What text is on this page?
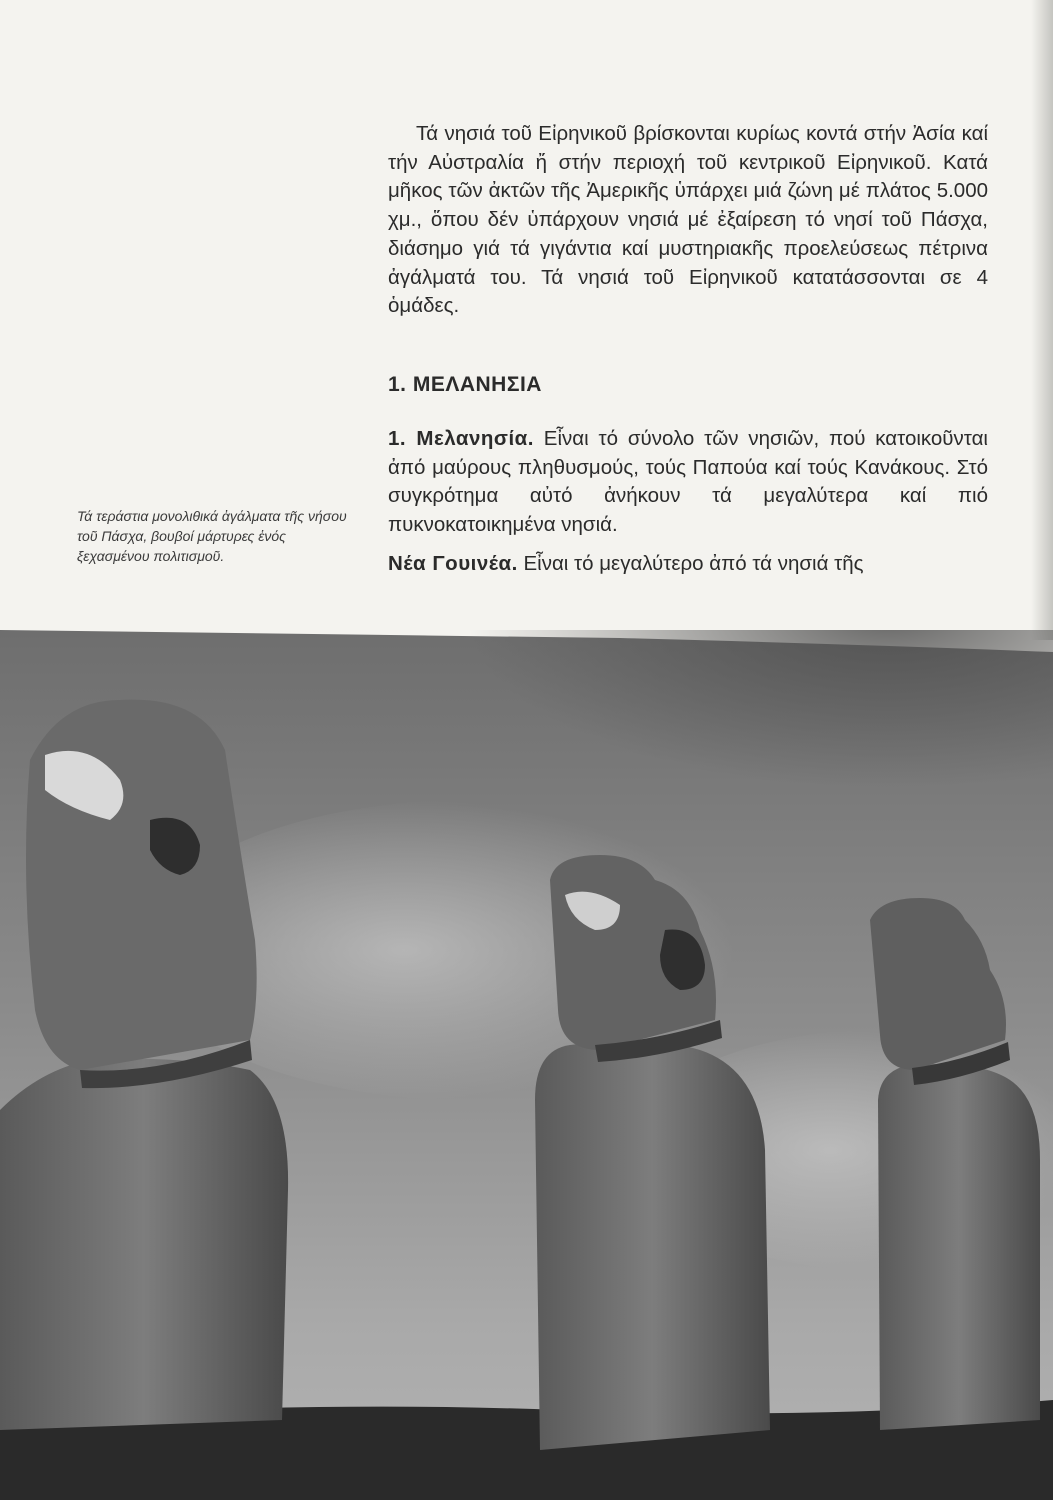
Τά νησιά τοῦ Εἰρηνικοῦ βρίσκονται κυρίως κοντά στήν Ἀσία καί τήν Αὐστραλία ἤ στήν περιοχή τοῦ κεντρικοῦ Εἰρηνικοῦ. Κατά μῆκος τῶν ἀκτῶν τῆς Ἀμερικῆς ὑπάρχει μιά ζώνη μέ πλάτος 5.000 χμ., ὅπου δέν ὑπάρχουν νησιά μέ ἐξαίρεση τό νησί τοῦ Πάσχα, διάσημο γιά τά γιγάντια καί μυστηριακῆς προελεύσεως πέτρινα ἀγάλματά του. Τά νησιά τοῦ Εἰρηνικοῦ κατατάσσονται σε 4 ὁμάδες.

1. ΜΕΛΑΝΗΣΙΑ
1. Μελανησία. Εἶναι τό σύνολο τῶν νησιῶν, πού κατοικοῦνται ἀπό μαύρους πληθυσμούς, τούς Παπούα καί τούς Κανάκους. Στό συγκρότημα αὐτό ἀνήκουν τά μεγαλύτερα καί πιό πυκνοκατοικημένα νησιά.
Νέα Γουινέα. Εἶναι τό μεγαλύτερο ἀπό τά νησιά τῆς
Τά τεράστια μονολιθικά ἀγάλματα τῆς νήσου τοῦ Πάσχα, βουβοί μάρτυρες ἑνός ξεχασμένου πολιτισμοῦ.
